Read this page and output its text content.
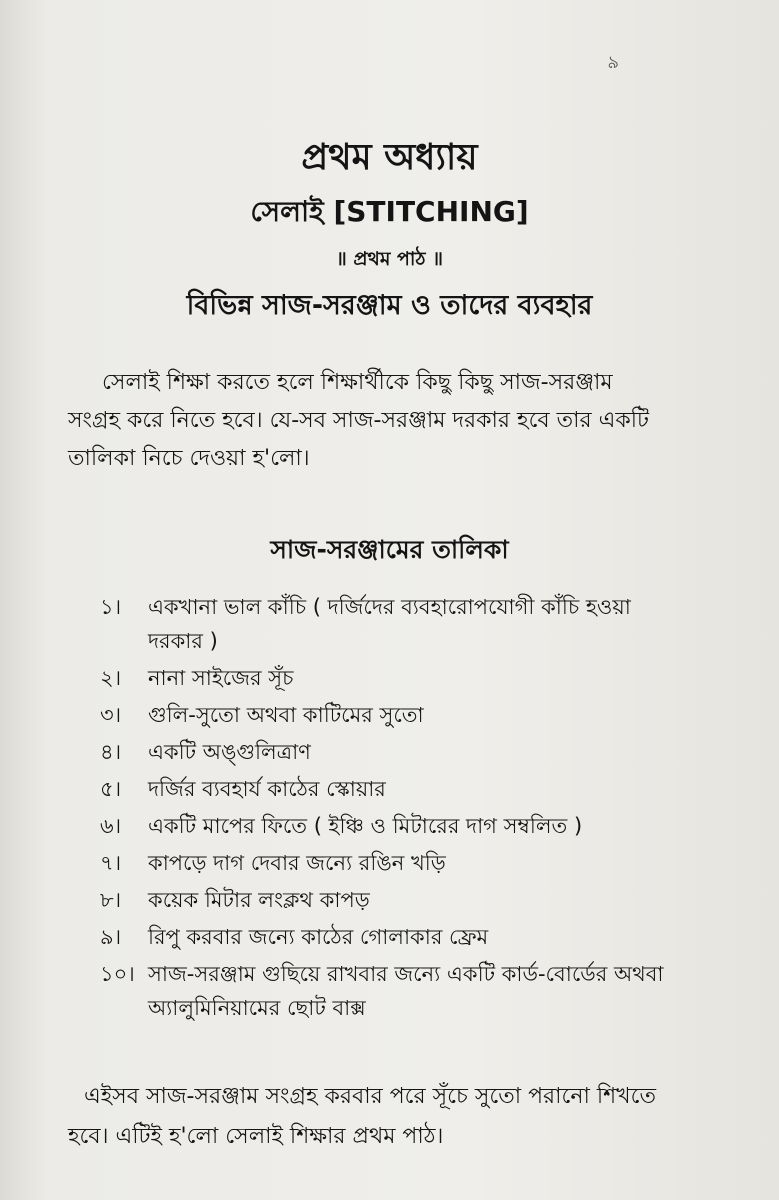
৯
প্রথম অধ্যায়
সেলাই [STITCHING]
॥ প্রথম পাঠ ॥
বিভিন্ন সাজ-সরঞ্জাম ও তাদের ব্যবহার

সেলাই শিক্ষা করতে হলে শিক্ষার্থীকে কিছু কিছু সাজ-সরঞ্জাম সংগ্রহ করে নিতে হবে। যে-সব সাজ-সরঞ্জাম দরকার হবে তার একটি তালিকা নিচে দেওয়া হ'লো।

সাজ-সরঞ্জামের তালিকা
১।	একখানা ভাল কাঁচি ( দর্জিদের ব্যবহারোপযোগী কাঁচি হওয়া দরকার )
২।	নানা সাইজের সূঁচ
৩।	গুলি-সুতো অথবা কাটিমের সুতো
৪।	একটি অঙ্গুলিত্রাণ
৫।	দর্জির ব্যবহার্য কাঠের স্কোয়ার
৬।	একটি মাপের ফিতে ( ইঞ্চি ও মিটারের দাগ সম্বলিত )
৭।	কাপড়ে দাগ দেবার জন্যে রঙিন খড়ি
৮।	কয়েক মিটার লংক্লথ কাপড়
৯।	রিপু করবার জন্যে কাঠের গোলাকার ফ্রেম
১০। সাজ-সরঞ্জাম গুছিয়ে রাখবার জন্যে একটি কার্ড-বোর্ডের অথবা অ্যালুমিনিয়ামের ছোট বাক্স

এইসব সাজ-সরঞ্জাম সংগ্রহ করবার পরে সূঁচে সুতো পরানো শিখতে হবে। এটিই হ'লো সেলাই শিক্ষার প্রথম পাঠ।
